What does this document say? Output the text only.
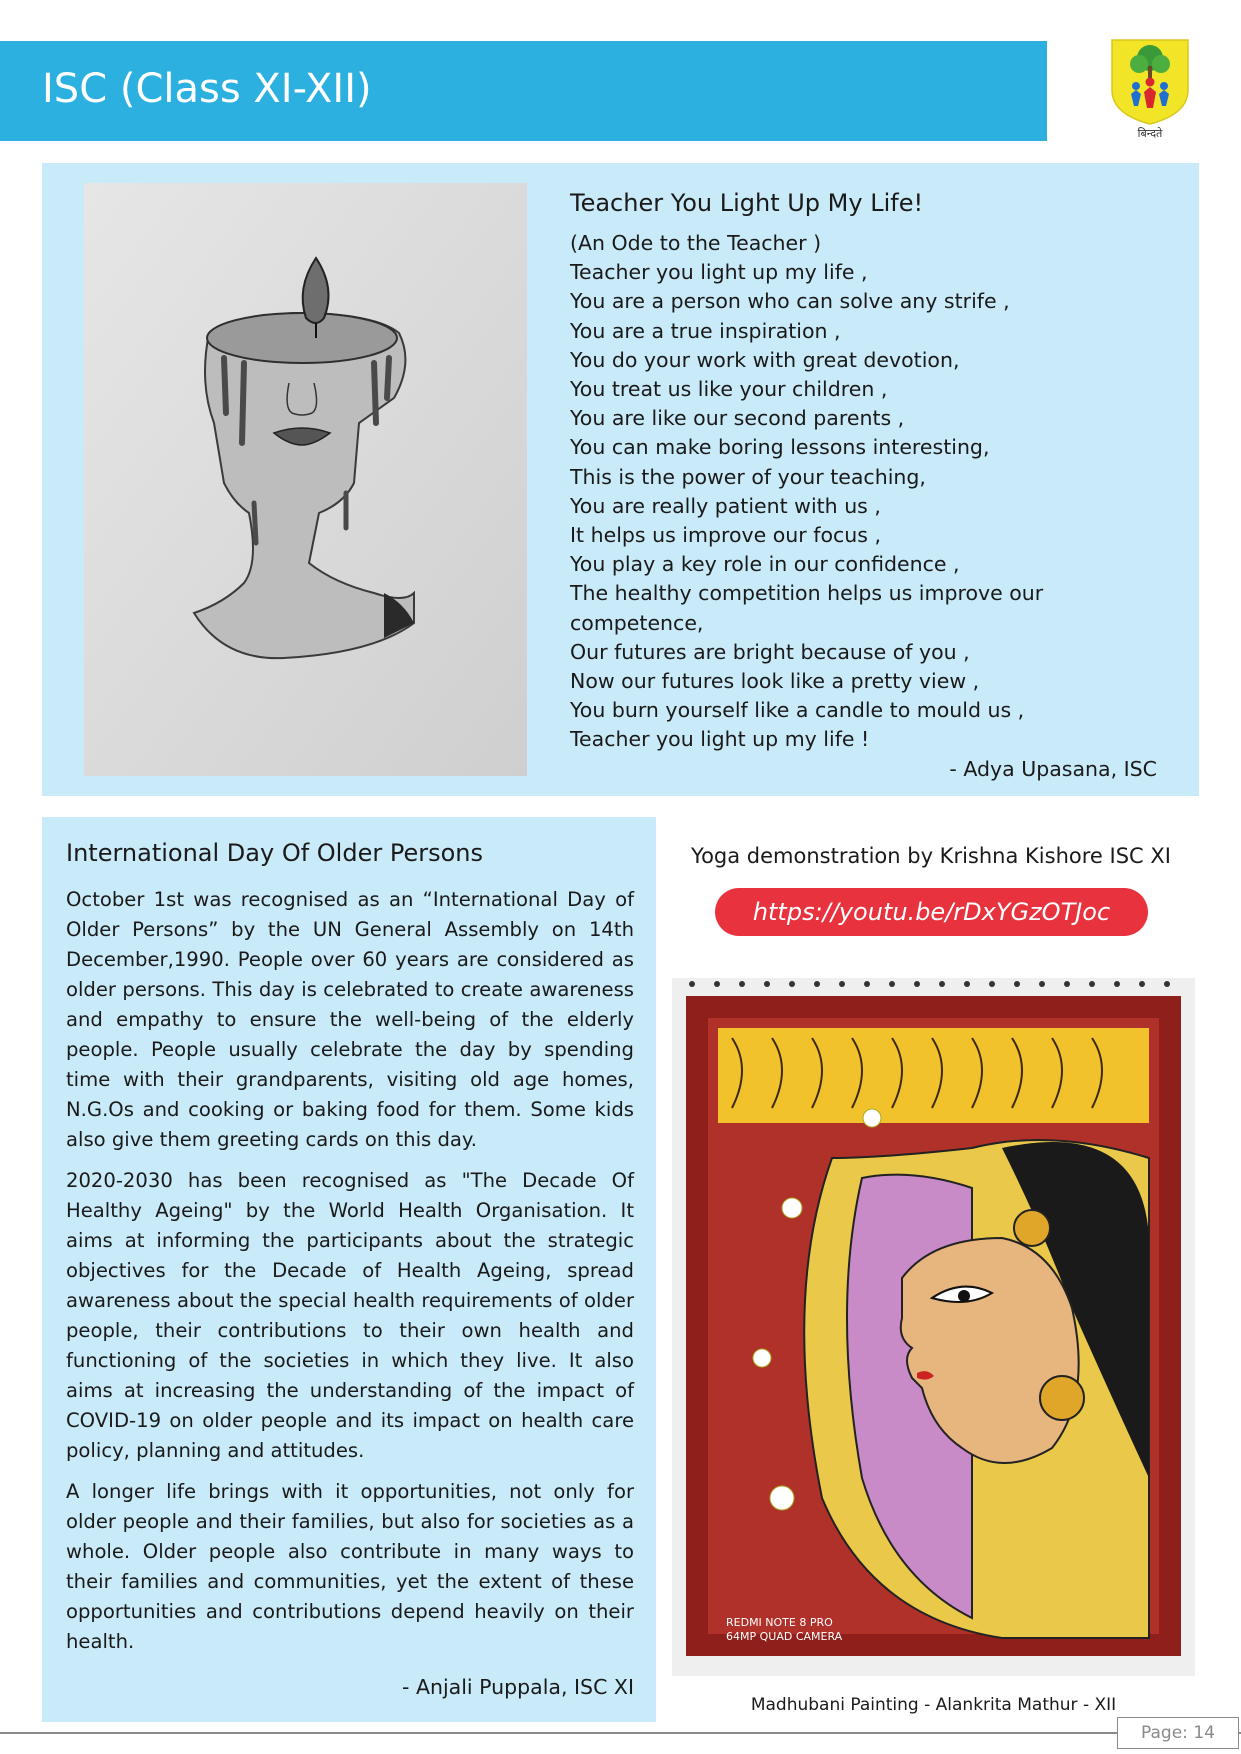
ISC (Class XI-XII)
बिन्दते
Teacher You Light Up My Life!
(An Ode to the Teacher )
Teacher you light up my life ,
You are a person who can solve any strife ,
You are a true inspiration ,
You do your work with great devotion,
You treat us like your children ,
You are like our second parents ,
You can make boring lessons interesting,
This is the power of your teaching,
You are really patient with us ,
It helps us improve our focus ,
You play a key role in our confidence ,
The healthy competition helps us improve our
competence,
Our futures are bright because of you ,
Now our futures look like a pretty view ,
You burn yourself like a candle to mould us ,
Teacher you light up my life !
- Adya Upasana, ISC
International Day Of Older Persons

October 1st was recognised as an “International Day of Older Persons” by the UN General Assembly on 14th December,1990. People over 60 years are considered as older persons. This day is celebrated to create awareness and empathy to ensure the well-being of the elderly people. People usually celebrate the day by spending time with their grandparents, visiting old age homes, N.G.Os and cooking or baking food for them. Some kids also give them greeting cards on this day.

2020-2030 has been recognised as "The Decade Of Healthy Ageing" by the World Health Organisation. It aims at informing the participants about the strategic objectives for the Decade of Health Ageing, spread awareness about the special health requirements of older people, their contributions to their own health and functioning of the societies in which they live. It also aims at increasing the understanding of the impact of COVID-19 on older people and its impact on health care policy, planning and attitudes.

A longer life brings with it opportunities, not only for older people and their families, but also for societies as a whole. Older people also contribute in many ways to their families and communities, yet the extent of these opportunities and contributions depend heavily on their health.

- Anjali Puppala, ISC XI
Yoga demonstration by Krishna Kishore ISC XI
https://youtu.be/rDxYGzOTJoc
REDMI NOTE 8 PRO
64MP QUAD CAMERA
Madhubani Painting - Alankrita Mathur - XII
Page: 14
